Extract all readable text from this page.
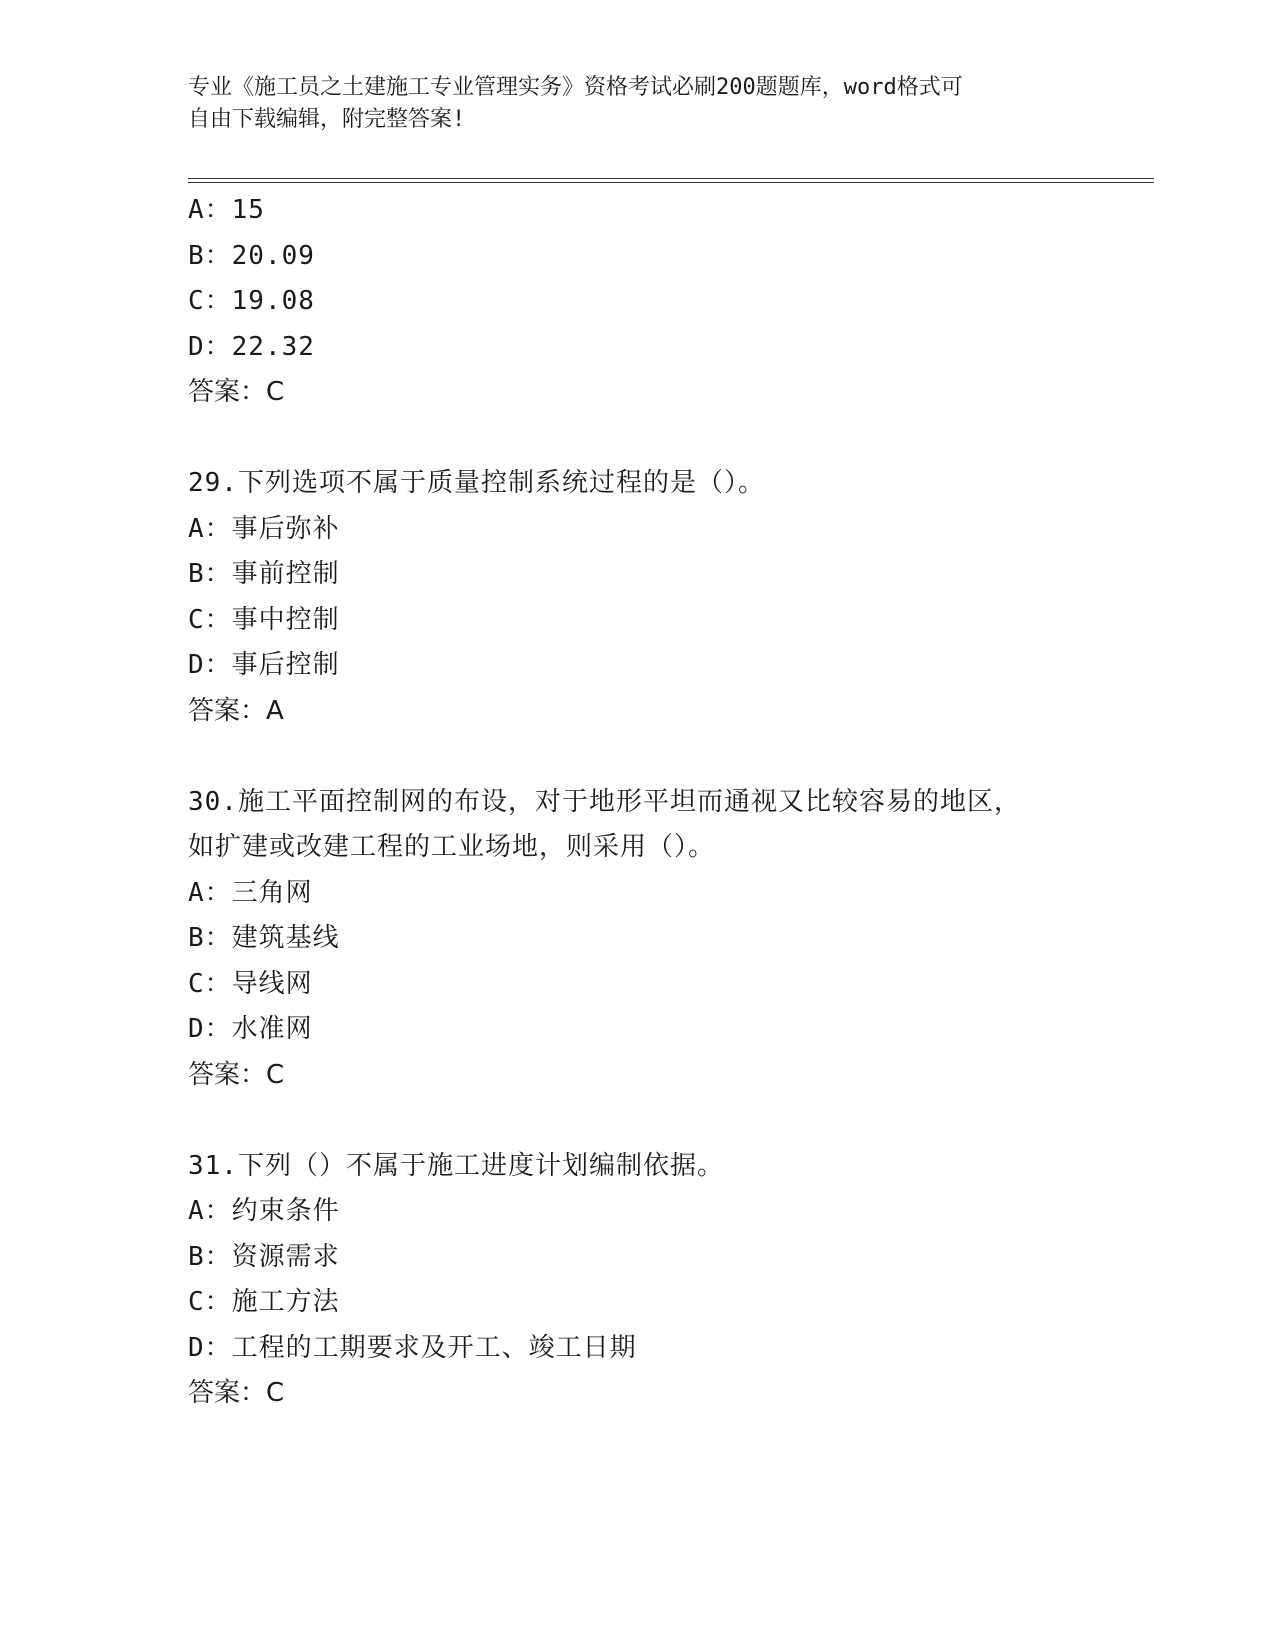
专业《施工员之土建施工专业管理实务》资格考试必刷200题题库，word格式可
自由下载编辑，附完整答案!
A：15
B：20.09
C：19.08
D：22.32
答案：C
29.下列选项不属于质量控制系统过程的是（）。
A：事后弥补
B：事前控制
C：事中控制
D：事后控制
答案：A
30.施工平面控制网的布设，对于地形平坦而通视又比较容易的地区，
如扩建或改建工程的工业场地，则采用（）。
A：三角网
B：建筑基线
C：导线网
D：水准网
答案：C
31.下列（）不属于施工进度计划编制依据。
A：约束条件
B：资源需求
C：施工方法
D：工程的工期要求及开工、竣工日期
答案：C
